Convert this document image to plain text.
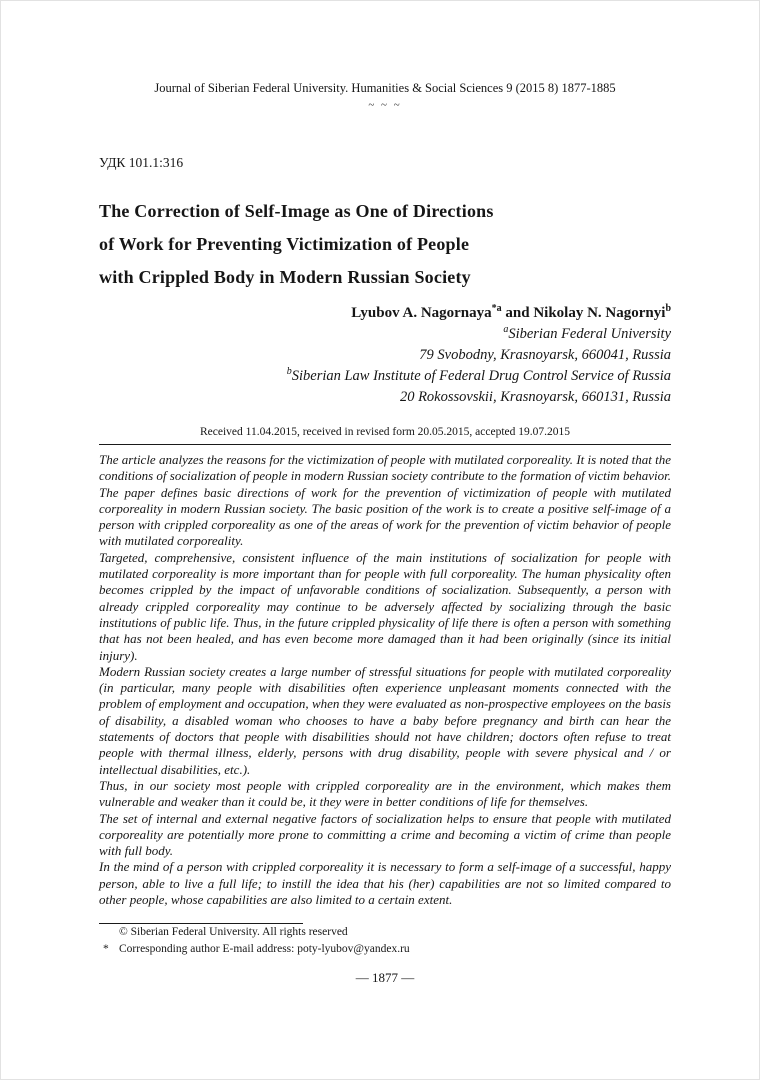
Journal of Siberian Federal University. Humanities & Social Sciences 9 (2015 8) 1877-1885
~ ~ ~
УДК 101.1:316
The Correction of Self-Image as One of Directions
of Work for Preventing Victimization of People
with Crippled Body in Modern Russian Society
Lyubov A. Nagornaya$^{*a}$ and Nikolay N. Nagornyi$^b$
$^a$Siberian Federal University
79 Svobodny, Krasnoyarsk, 660041, Russia
$^b$Siberian Law Institute of Federal Drug Control Service of Russia
20 Rokossovskii, Krasnoyarsk, 660131, Russia
Received 11.04.2015, received in revised form 20.05.2015, accepted 19.07.2015

The article analyzes the reasons for the victimization of people with mutilated corporeality. It is noted that the conditions of socialization of people in modern Russian society contribute to the formation of victim behavior. The paper defines basic directions of work for the prevention of victimization of people with mutilated corporeality in modern Russian society. The basic position of the work is to create a positive self-image of a person with crippled corporeality as one of the areas of work for the prevention of victim behavior of people with mutilated corporeality.

Targeted, comprehensive, consistent influence of the main institutions of socialization for people with mutilated corporeality is more important than for people with full corporeality. The human physicality often becomes crippled by the impact of unfavorable conditions of socialization. Subsequently, a person with already crippled corporeality may continue to be adversely affected by socializing through the basic institutions of public life. Thus, in the future crippled physicality of life there is often a person with something that has not been healed, and has even become more damaged than it had been originally (since its initial injury).

Modern Russian society creates a large number of stressful situations for people with mutilated corporeality (in particular, many people with disabilities often experience unpleasant moments connected with the problem of employment and occupation, when they were evaluated as non-prospective employees on the basis of disability, a disabled woman who chooses to have a baby before pregnancy and birth can hear the statements of doctors that people with disabilities should not have children; doctors often refuse to treat people with thermal illness, elderly, persons with drug disability, people with severe physical and / or intellectual disabilities, etc.).

Thus, in our society most people with crippled corporeality are in the environment, which makes them vulnerable and weaker than it could be, it they were in better conditions of life for themselves.

The set of internal and external negative factors of socialization helps to ensure that people with mutilated corporeality are potentially more prone to committing a crime and becoming a victim of crime than people with full body.

In the mind of a person with crippled corporeality it is necessary to form a self-image of a successful, happy person, able to live a full life; to instill the idea that his (her) capabilities are not so limited compared to other people, whose capabilities are also limited to a certain extent.

© Siberian Federal University. All rights reserved
* Corresponding author E-mail address: poty-lyubov@yandex.ru
— 1877 —
